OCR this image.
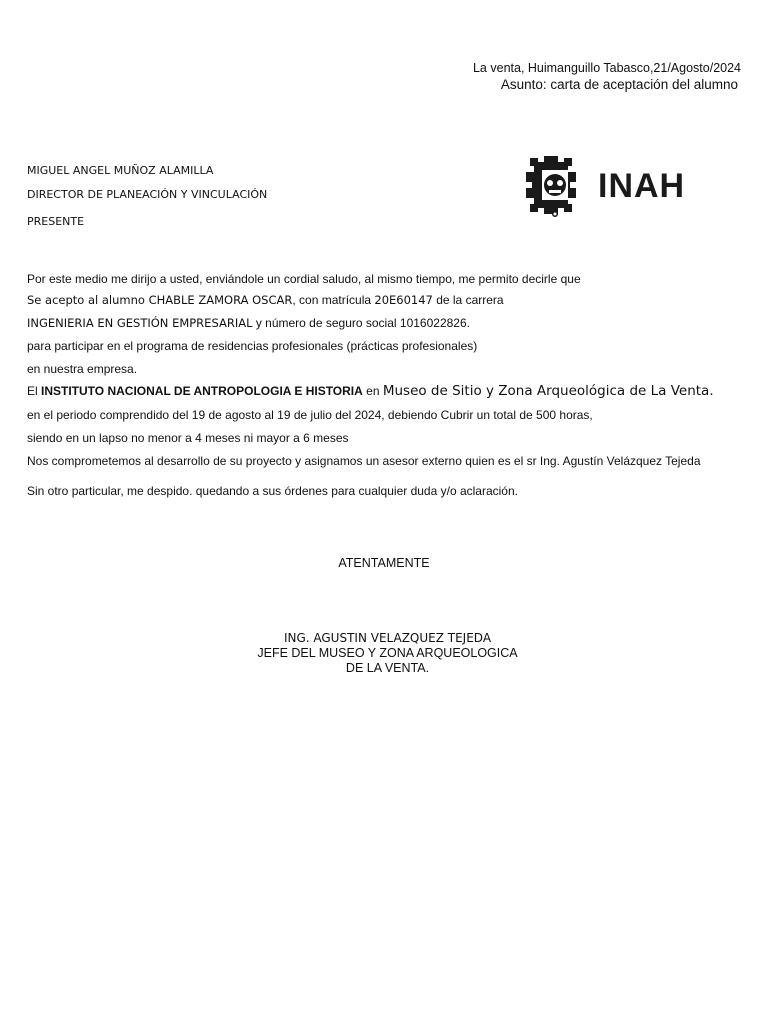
La venta, Huimanguillo Tabasco,21/Agosto/2024
Asunto: carta de aceptación del alumno
MIGUEL ANGEL MUÑOZ ALAMILLA
DIRECTOR DE PLANEACIÓN Y VINCULACIÓN
PRESENTE
INAH
Por este medio me dirijo a usted, enviándole un cordial saludo, al mismo tiempo, me permito decirle que
Se acepto al alumno CHABLE ZAMORA OSCAR, con matrícula 20E60147 de la carrera
INGENIERIA EN GESTIÓN EMPRESARIAL y número de seguro social 1016022826.
para participar en el programa de residencias profesionales (prácticas profesionales)
en nuestra empresa.
El INSTITUTO NACIONAL DE ANTROPOLOGIA E HISTORIA en Museo de Sitio y Zona Arqueológica de La Venta.
en el periodo comprendido del 19 de agosto al 19 de julio del 2024, debiendo Cubrir un total de 500 horas,
siendo en un lapso no menor a 4 meses ni mayor a 6 meses
Nos comprometemos al desarrollo de su proyecto y asignamos un asesor externo quien es el sr Ing. Agustín Velázquez Tejeda
Sin otro particular, me despido. quedando a sus órdenes para cualquier duda y/o aclaración.
ATENTAMENTE
ING. AGUSTIN VELAZQUEZ TEJEDA
JEFE DEL MUSEO Y ZONA ARQUEOLOGICA
DE LA VENTA.
